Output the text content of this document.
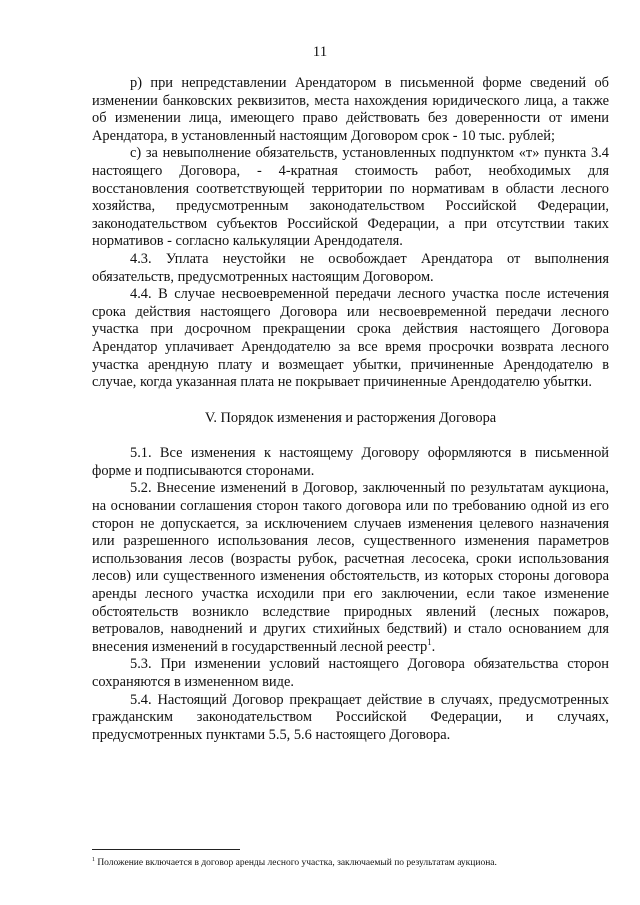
11

р) при непредставлении Арендатором в письменной форме сведений об изменении банковских реквизитов, места нахождения юридического лица, а также об изменении лица, имеющего право действовать без доверенности от имени Арендатора, в установленный настоящим Договором срок - 10 тыс. рублей;

с) за невыполнение обязательств, установленных подпунктом «т» пункта 3.4 настоящего Договора, - 4-кратная стоимость работ, необходимых для восстановления соответствующей территории по нормативам в области лесного хозяйства, предусмотренным законодательством Российской Федерации, законодательством субъектов Российской Федерации, а при отсутствии таких нормативов - согласно калькуляции Арендодателя.

4.3. Уплата неустойки не освобождает Арендатора от выполнения обязательств, предусмотренных настоящим Договором.

4.4. В случае несвоевременной передачи лесного участка после истечения срока действия настоящего Договора или несвоевременной передачи лесного участка при досрочном прекращении срока действия настоящего Договора Арендатор уплачивает Арендодателю за все время просрочки возврата лесного участка арендную плату и возмещает убытки, причиненные Арендодателю в случае, когда указанная плата не покрывает причиненные Арендодателю убытки.

V. Порядок изменения и расторжения Договора

5.1. Все изменения к настоящему Договору оформляются в письменной форме и подписываются сторонами.

5.2. Внесение изменений в Договор, заключенный по результатам аукциона, на основании соглашения сторон такого договора или по требованию одной из его сторон не допускается, за исключением случаев изменения целевого назначения или разрешенного использования лесов, существенного изменения параметров использования лесов (возрасты рубок, расчетная лесосека, сроки использования лесов) или существенного изменения обстоятельств, из которых стороны договора аренды лесного участка исходили при его заключении, если такое изменение обстоятельств возникло вследствие природных явлений (лесных пожаров, ветровалов, наводнений и других стихийных бедствий) и стало основанием для внесения изменений в государственный лесной реестр$^1$.

5.3. При изменении условий настоящего Договора обязательства сторон сохраняются в измененном виде.

5.4. Настоящий Договор прекращает действие в случаях, предусмотренных гражданским законодательством Российской Федерации, и случаях, предусмотренных пунктами 5.5, 5.6 настоящего Договора.

$^1$ Положение включается в договор аренды лесного участка, заключаемый по результатам аукциона.
